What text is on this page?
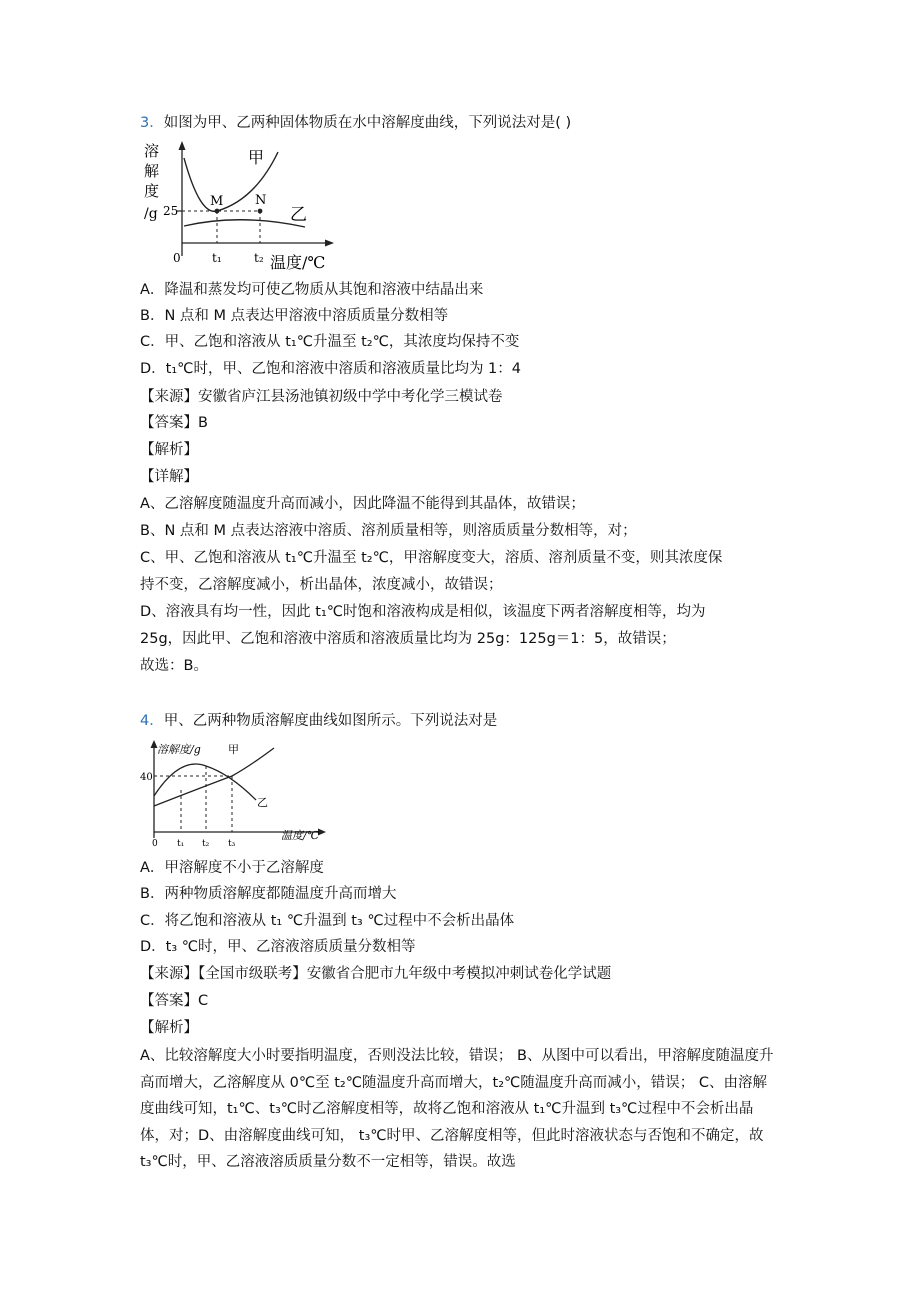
3．如图为甲、乙两种固体物质在水中溶解度曲线，下列说法对是( )
溶
解
度
/g 25
M N
甲
乙
0	t₁	t₂ 温度/℃
A．降温和蒸发均可使乙物质从其饱和溶液中结晶出来
B．N 点和 M 点表达甲溶液中溶质质量分数相等
C．甲、乙饱和溶液从 t₁℃升温至 t₂℃，其浓度均保持不变
D．t₁℃时，甲、乙饱和溶液中溶质和溶液质量比均为 1：4
【来源】安徽省庐江县汤池镇初级中学中考化学三模试卷
【答案】B
【解析】
【详解】
A、乙溶解度随温度升高而减小，因此降温不能得到其晶体，故错误；
B、N 点和 M 点表达溶液中溶质、溶剂质量相等，则溶质质量分数相等，对；
C、甲、乙饱和溶液从 t₁℃升温至 t₂℃，甲溶解度变大，溶质、溶剂质量不变，则其浓度保
持不变，乙溶解度减小，析出晶体，浓度减小，故错误；
D、溶液具有均一性，因此 t₁℃时饱和溶液构成是相似，该温度下两者溶解度相等，均为
25g，因此甲、乙饱和溶液中溶质和溶液质量比均为 25g：125g＝1：5，故错误；
故选：B。
4．甲、乙两种物质溶解度曲线如图所示。下列说法对是
溶解度/g
40
甲
乙
0 t₁ t₂ t₃
温度/℃
A．甲溶解度不小于乙溶解度
B．两种物质溶解度都随温度升高而增大
C．将乙饱和溶液从 t₁ ℃升温到 t₃ ℃过程中不会析出晶体
D．t₃ ℃时，甲、乙溶液溶质质量分数相等
【来源】【全国市级联考】安徽省合肥市九年级中考模拟冲刺试卷化学试题
【答案】C
【解析】
A、比较溶解度大小时要指明温度，否则没法比较，错误； B、从图中可以看出，甲溶解度随温度升高而增大，乙溶解度从 0℃至 t₂℃随温度升高而增大，t₂℃随温度升高而减小，错误； C、由溶解度曲线可知，t₁℃、t₃℃时乙溶解度相等，故将乙饱和溶液从 t₁℃升温到 t₃℃过程中不会析出晶体，对；D、由溶解度曲线可知， t₃℃时甲、乙溶解度相等，但此时溶液状态与否饱和不确定，故 t₃℃时，甲、乙溶液溶质质量分数不一定相等，错误。故选
